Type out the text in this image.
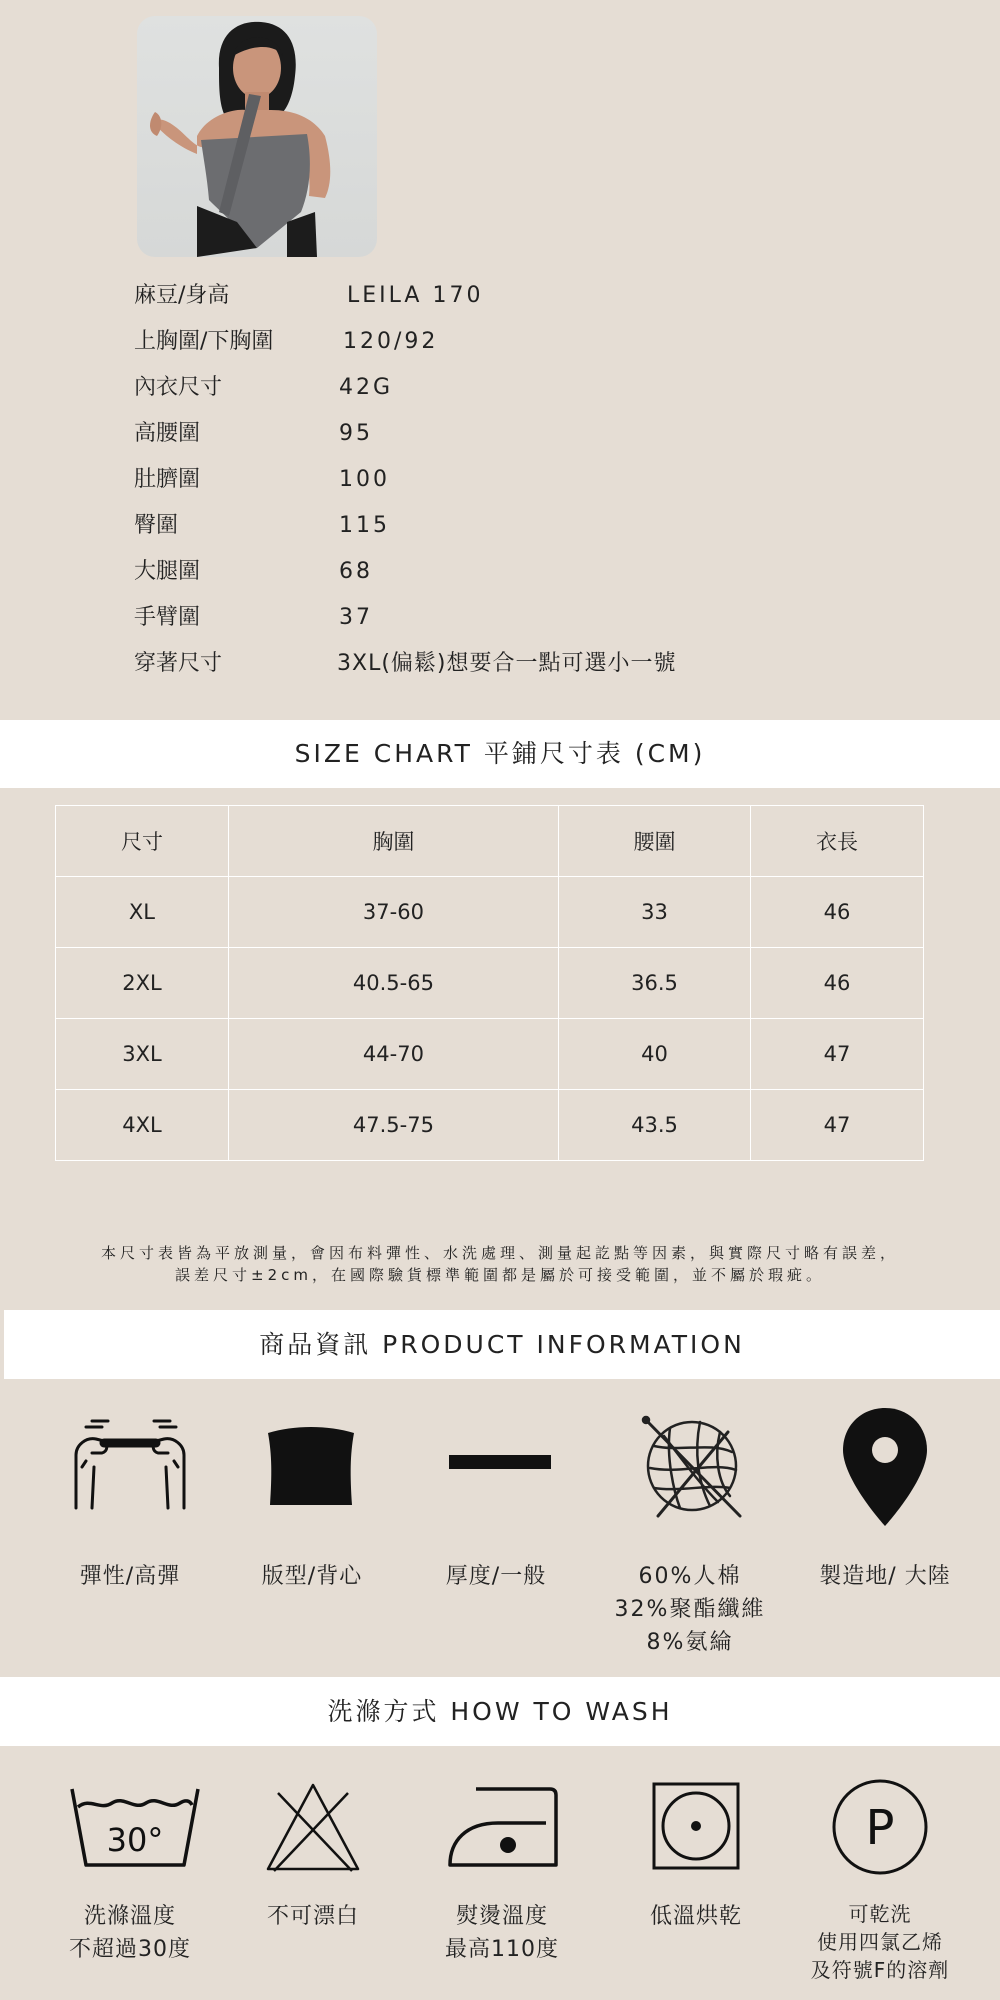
麻豆/身高	LEILA 170
上胸圍/下胸圍	120/92
內衣尺寸	42G
高腰圍	95
肚臍圍	100
臀圍	115
大腿圍	68
手臂圍	37
穿著尺寸	3XL(偏鬆)想要合一點可選小一號
SIZE CHART 平鋪尺寸表 (CM)
尺寸	胸圍	腰圍	衣長
XL	37-60	33	46
2XL	40.5-65	36.5	46
3XL	44-70	40	47
4XL	47.5-75	43.5	47
本尺寸表皆為平放測量，會因布料彈性、水洗處理、測量起訖點等因素，與實際尺寸略有誤差，
誤差尺寸±2cm，在國際驗貨標準範圍都是屬於可接受範圍，並不屬於瑕疵。
商品資訊 PRODUCT INFORMATION
彈性/高彈	版型/背心	厚度/一般	60%人棉
32%聚酯纖維
8%氨綸
製造地/ 大陸
洗滌方式 HOW TO WASH
30°	P
洗滌溫度
不超過30度
不可漂白	熨燙溫度
最高110度
低溫烘乾	可乾洗
使用四氯乙烯
及符號F的溶劑
